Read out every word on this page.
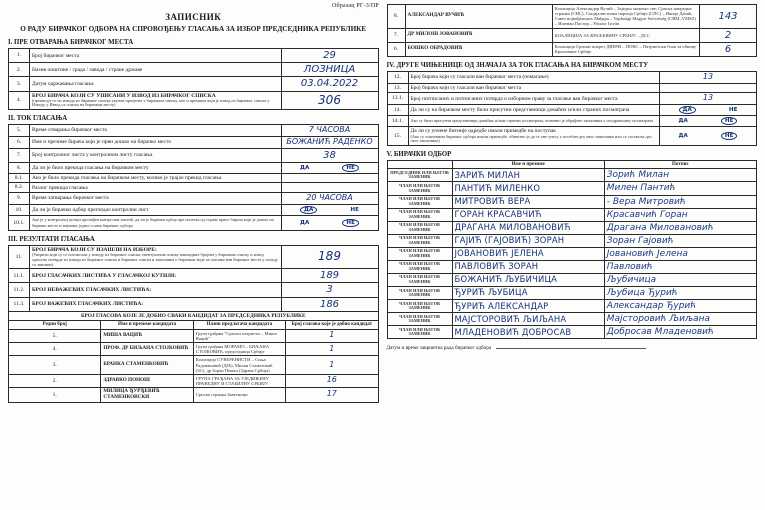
Образац РГ-3/ПР
ЗАПИСНИК
О РАДУ БИРАЧКОГ ОДБОРА НА СПРОВОЂЕЊУ ГЛАСАЊА ЗА ИЗБОР ПРЕДСЕДНИКА РЕПУБЛИКЕ
I. ПРЕ ОТВАРАЊА БИРАЧКОГ МЕСТА
1.	Број бирачког места	29

2.	Назив општине / града / завода / стране државе	ЛОЗНИЦА

3.	Датум одржавања гласања	03.04.2022

4.	БРОЈ БИРАЧА КОЈИ СУ УПИСАНИ У ИЗВОД ИЗ БИРАЧКОГ СПИСКА
(преписује се из извода из бирачког списка укупан проценат у бирачком списку, као и премиша који је извод из бирачког списка у Изводу у Извод са списка на бирачком месту)	306
II. ТОК ГЛАСАЊА
5.	Време отварања бирачког места	7 ЧАСОВА

6.	Име и презиме бирача који је први дошао на бирачко место	БОЖАНИЋ РАДЕНКО

7.	Број контролног листа у контролном листу гласања	38

8.	Да ли је било прекида гласања на бирачком месту	ДА НЕ

8.1.	Ако је било прекида гласања на бирачком месту, колико је трајао прекид гласања	
8.2.	Разлог прекида гласања	
9.	Време затварања бирачког места	20 ЧАСОВА

10.	Да ли је бирачки одбор прегледао контролни лист	ДА НЕ

10.1.	Ако је у контролној кутији пронађен контролни листић, да ли је бирачки одбор пре почетка од стране првог бирача који је дошао на бирачко место и најмање једног члана бирачког одбора	ДА НЕ
III. РЕЗУЛТАТИ ГЛАСАЊА
11.	БРОЈ БИРАЧА КОЈИ СУ ИЗАШЛИ НА ИЗБОРЕ:
(Уверити који су се потписали у изводу из бирачког списка, евентуалном списку накнадних бројева у бирачком списку и извод односно потврде из извода из бирачког списка и бирачког списка и записника о бирачком воде за гласање ван бирачког места у складу са законом)	189

11.1.	БРОЈ ГЛАСАЧКИХ ЛИСТИЋА У ГЛАСАЧКОЈ КУТИЈИ:	189

11.2.	БРОЈ НЕВАЖЕЋИХ ГЛАСАЧКИХ ЛИСТИЋА:	3

11.3.	БРОЈ ВАЖЕЋИХ ГЛАСАЧКИХ ЛИСТИЋА:	186
БРОЈ ГЛАСОВА КОЈЕ ЈЕ ДОБИО СВАКИ КАНДИДАТ ЗА ПРЕДСЕДНИКА РЕПУБЛИКЕ			
Редни број	Име и презиме кандидата	Назив предлагача кандидата	Број гласова које је добио кандидат
5.	МИША ВАЦИЋ	Група грађана "Српски патриоти – Миша Вацић"	1

4.	ПРОФ. ДР БИЉАНА СТОЈКОВИЋ	Група грађана МОРАМО – БИЉАНА СТОЈКОВИЋ, председница Србије	1

3.	БРАНКА СТАМЕНКОВИЋ	Коалиција СУВЕРЕНИСТИ – Соња Радовановић (ДЈБ), Милан Стаматовић (ЗС), др Зоран Пекеш (Здрава Србија)	1

2.	ЗДРАВКО ПОНОШ	ГРУПА ГРАЂАНА ЗА УЈЕДИЊЕНУ ПРАВЕДНУ И СТАБИЛНУ СРБИЈУ	16

1.	МИЛИЦА ЂУРЂЕВИЋ СТАМЕНКОВСКИ	Српска странка Заветници	17
8.	АЛЕКСАНДАР ВУЧИЋ	Коалиција Александар Вучић – Заједно можемо све; Српска напредна странка (СНС), Социјалистичка партија Србије (СПС) – Ивица Дачић, Савез војвођанских Мађара – Vajdasági Magyar Szövetség (СВМ–VMSZ) – Иштван Пастор – Pásztor István	143

7.	ДР МИЛОШ ЈОВАНОВИЋ	КОАЛИЦИЈА ЗА КРАЉЕВИНУ СРБИЈУ – ДСС	2

6.	БОШКО ОБРАДОВИЋ	Коалиција Српски покрет ДВЕРИ – ПОКС – Патриотски блок за обнову Краљевине Србије	6
IV. ДРУГЕ ЧИЊЕНИЦЕ ОД ЗНАЧАЈА ЗА ТОК ГЛАСАЊА НА БИРАЧКОМ МЕСТУ
12.	Број бирача који су гласали ван бирачког места (помагање)	13

13.	Број бирача који су гласали ван бирачког места	
13.1.	Број потписаних и потписаних потврда о изборном праву за гласање ван бирачког места	13

14.	Да ли су на бирачком месту били присутни представници домаћих и/или страних посматрача	ДА НЕ

14.1.	Ако су били присутни представници домаћих и/или страних посматрача, поновно је обрађено записника о поздрављању посматрача	ДА НЕ

15.	Да ли су уочене битније одредбе имали примедбе на поступак
(Ако су члановима бирачког одбора имали примедбе, обавезно је да се оне унесу у посебан део овог записника или се саставља део овог записника)	ДА НЕ
V. БИРАЧКИ ОДБОР
	Име и презиме	Потпис
ПРЕДСЕДНИК ИЛИ ЊЕГОВ ЗАМЕНИК	ЗАРИЋ МИЛАН	Зорић Милан
ЧЛАН ИЛИ ЊЕГОВ ЗАМЕНИК	ПАНТИЋ МИЛЕНКО	Милен Пантић
ЧЛАН ИЛИ ЊЕГОВ ЗАМЕНИК	МИТРОВИЋ ВЕРА	- Вера Митровић
ЧЛАН ИЛИ ЊЕГОВ ЗАМЕНИК	ГОРАН КРАСАВЧИЋ	Красавчић Горан
ЧЛАН ИЛИ ЊЕГОВ ЗАМЕНИК	ДРАГАНА МИЛОВАНОВИЋ	Драгана Миловановић
ЧЛАН ИЛИ ЊЕГОВ ЗАМЕНИК	ГАЈИЋ (ГАЈОВИЋ) ЗОРАН	Зоран Гајовић
ЧЛАН ИЛИ ЊЕГОВ ЗАМЕНИК	ЈОВАНОВИЋ ЈЕЛЕНА	Јовановић Јелена
ЧЛАН ИЛИ ЊЕГОВ ЗАМЕНИК	ПАВЛОВИЋ ЗОРАН	Павловић
ЧЛАН ИЛИ ЊЕГОВ ЗАМЕНИК	БОЖАНИЋ ЉУБИЧИЦА	Љубичица
ЧЛАН ИЛИ ЊЕГОВ ЗАМЕНИК	ЂУРИЋ ЉУБИЦА	Љубица Ђурић
ЧЛАН ИЛИ ЊЕГОВ ЗАМЕНИК	ЂУРИЋ АЛЕКСАНДАР	Александар Ђурић
ЧЛАН ИЛИ ЊЕГОВ ЗАМЕНИК	МАЈСТОРОВИЋ ЉИЉАНА	Мајсторовић Љиљана
ЧЛАН ИЛИ ЊЕГОВ ЗАМЕНИК	МЛАДЕНОВИЋ ДОБРОСАВ	Добросав Младеновић
Датум и време завршетка рада бирачког одбора
